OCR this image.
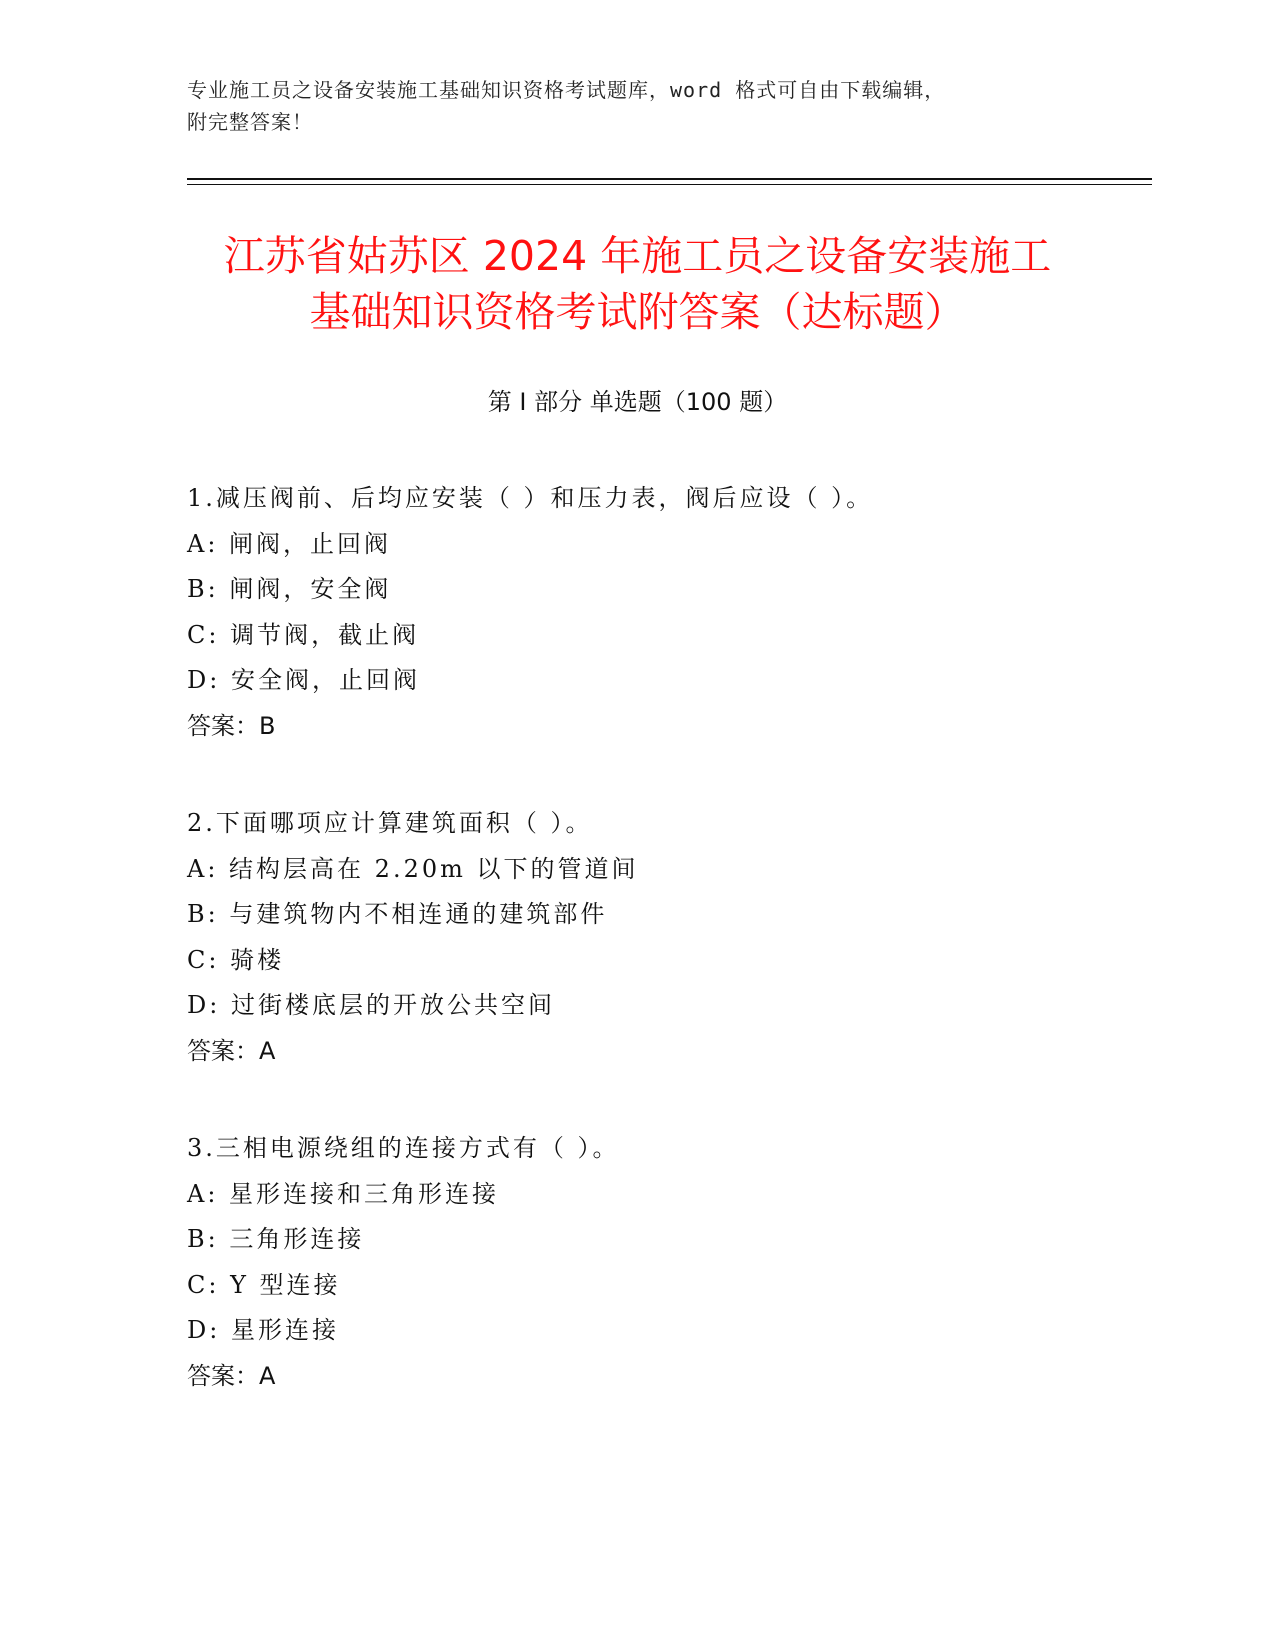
专业施工员之设备安装施工基础知识资格考试题库，word 格式可自由下载编辑，
附完整答案！
江苏省姑苏区 2024 年施工员之设备安装施工
基础知识资格考试附答案（达标题）
第 I 部分 单选题（100 题）
1.减压阀前、后均应安装（ ）和压力表，阀后应设（ ）。
A: 闸阀，止回阀
B: 闸阀，安全阀
C: 调节阀，截止阀
D: 安全阀，止回阀
答案：B
2.下面哪项应计算建筑面积（ ）。
A: 结构层高在 2.20m 以下的管道间
B: 与建筑物内不相连通的建筑部件
C: 骑楼
D: 过街楼底层的开放公共空间
答案：A
3.三相电源绕组的连接方式有（ ）。
A: 星形连接和三角形连接
B: 三角形连接
C: Y 型连接
D: 星形连接
答案：A
